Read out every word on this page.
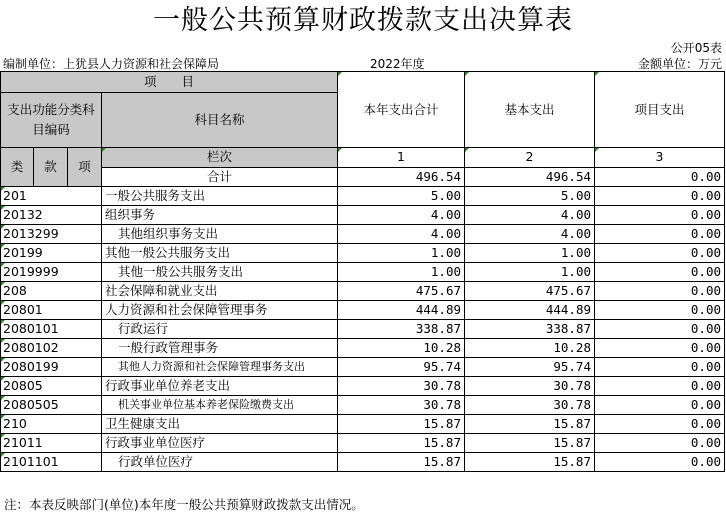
一般公共预算财政拨款支出决算表
公开05表
编制单位：上犹县人力资源和社会保障局	2022年度	金额单位：万元
项　　目				本年支出合计	基本支出	项目支出
支出功能分类科目编码			科目名称			
类	款	项	栏次	1	2	3
			合计	496.54	496.54	0.00
201			一般公共服务支出	5.00	5.00	0.00
20132			组织事务	4.00	4.00	0.00
2013299			其他组织事务支出	4.00	4.00	0.00
20199			其他一般公共服务支出	1.00	1.00	0.00
2019999			其他一般公共服务支出	1.00	1.00	0.00
208			社会保障和就业支出	475.67	475.67	0.00
20801			人力资源和社会保障管理事务	444.89	444.89	0.00
2080101			行政运行	338.87	338.87	0.00
2080102			一般行政管理事务	10.28	10.28	0.00
2080199			其他人力资源和社会保障管理事务支出	95.74	95.74	0.00
20805			行政事业单位养老支出	30.78	30.78	0.00
2080505			机关事业单位基本养老保险缴费支出	30.78	30.78	0.00
210			卫生健康支出	15.87	15.87	0.00
21011			行政事业单位医疗	15.87	15.87	0.00
2101101			行政单位医疗	15.87	15.87	0.00
注：本表反映部门(单位)本年度一般公共预算财政拨款支出情况。
